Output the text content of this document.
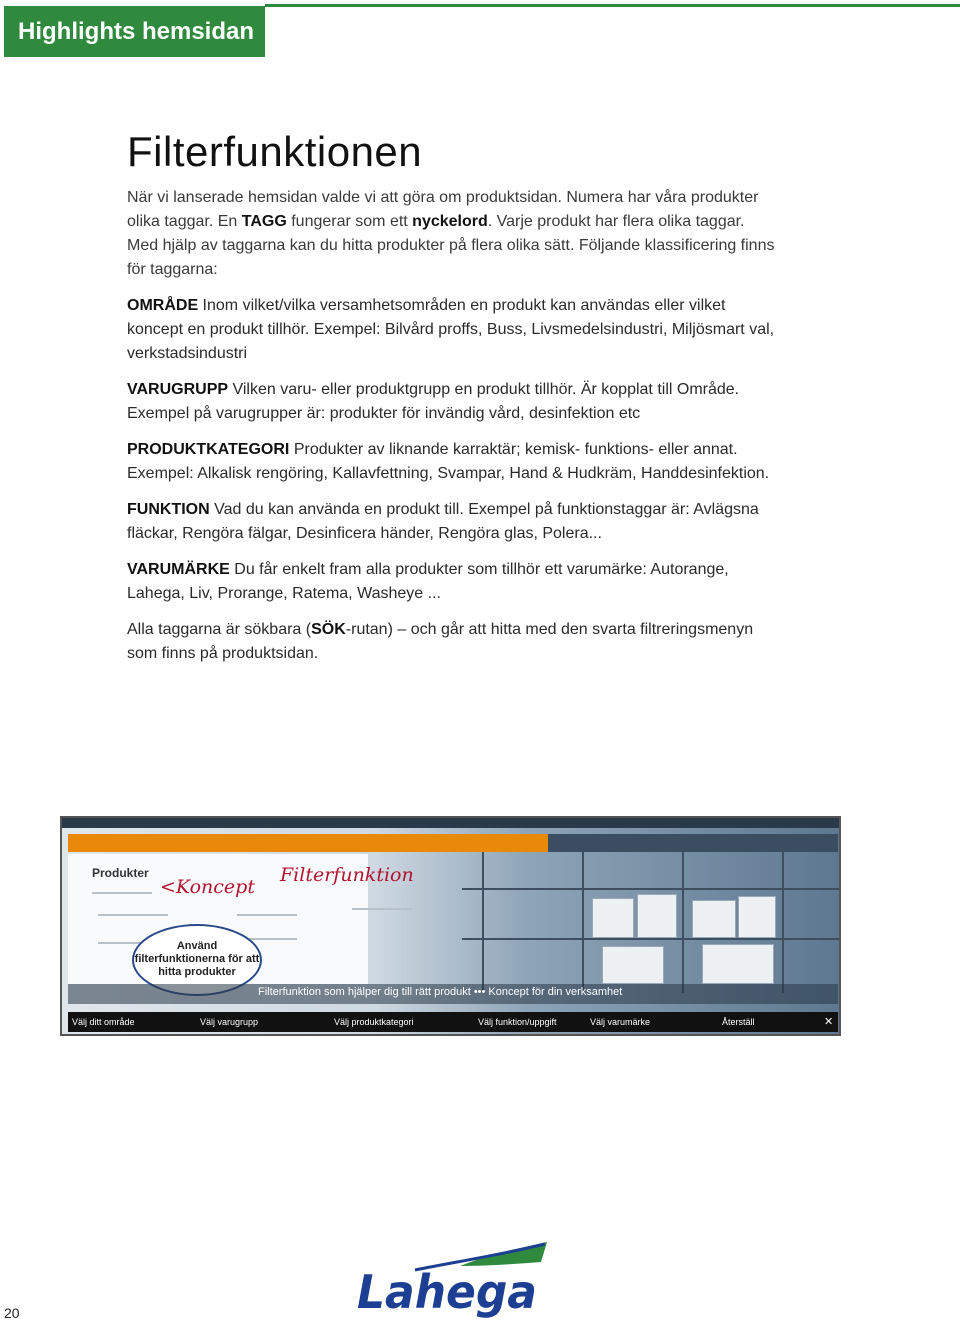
Highlights hemsidan
Filterfunktionen

När vi lanserade hemsidan valde vi att göra om produktsidan. Numera har våra produkter olika taggar. En TAGG fungerar som ett nyckelord. Varje produkt har flera olika taggar. Med hjälp av taggarna kan du hitta produkter på flera olika sätt. Följande klassificering finns för taggarna:

OMRÅDE Inom vilket/vilka versamhetsområden en produkt kan användas eller vilket koncept en produkt tillhör. Exempel: Bilvård proffs, Buss, Livsmedelsindustri, Miljösmart val, verkstadsindustri

VARUGRUPP Vilken varu- eller produktgrupp en produkt tillhör. Är kopplat till Område. Exempel på varugrupper är: produkter för invändig vård, desinfektion etc

PRODUKTKATEGORI Produkter av liknande karraktär; kemisk- funktions- eller annat. Exempel: Alkalisk rengöring, Kallavfettning, Svampar, Hand & Hudkräm, Handdesinfektion.

FUNKTION Vad du kan använda en produkt till. Exempel på funktionstaggar är: Avlägsna fläckar, Rengöra fälgar, Desinficera händer, Rengöra glas, Polera...

VARUMÄRKE Du får enkelt fram alla produkter som tillhör ett varumärke: Autorange, Lahega, Liv, Prorange, Ratema, Washeye ...

Alla taggarna är sökbara (SÖK-rutan) – och går att hitta med den svarta filtreringsmenyn som finns på produktsidan.

Produkter
<Koncept
Filterfunktion
Använd filterfunktionerna för att hitta produkter
Filterfunktion som hjälper dig till rätt produkt ••• Koncept för din verksamhet
Välj ditt område	Välj varugrupp	Välj produktkategori	Välj funktion/uppgift	Välj varumärke	Återställ	✕
20	Lahega
